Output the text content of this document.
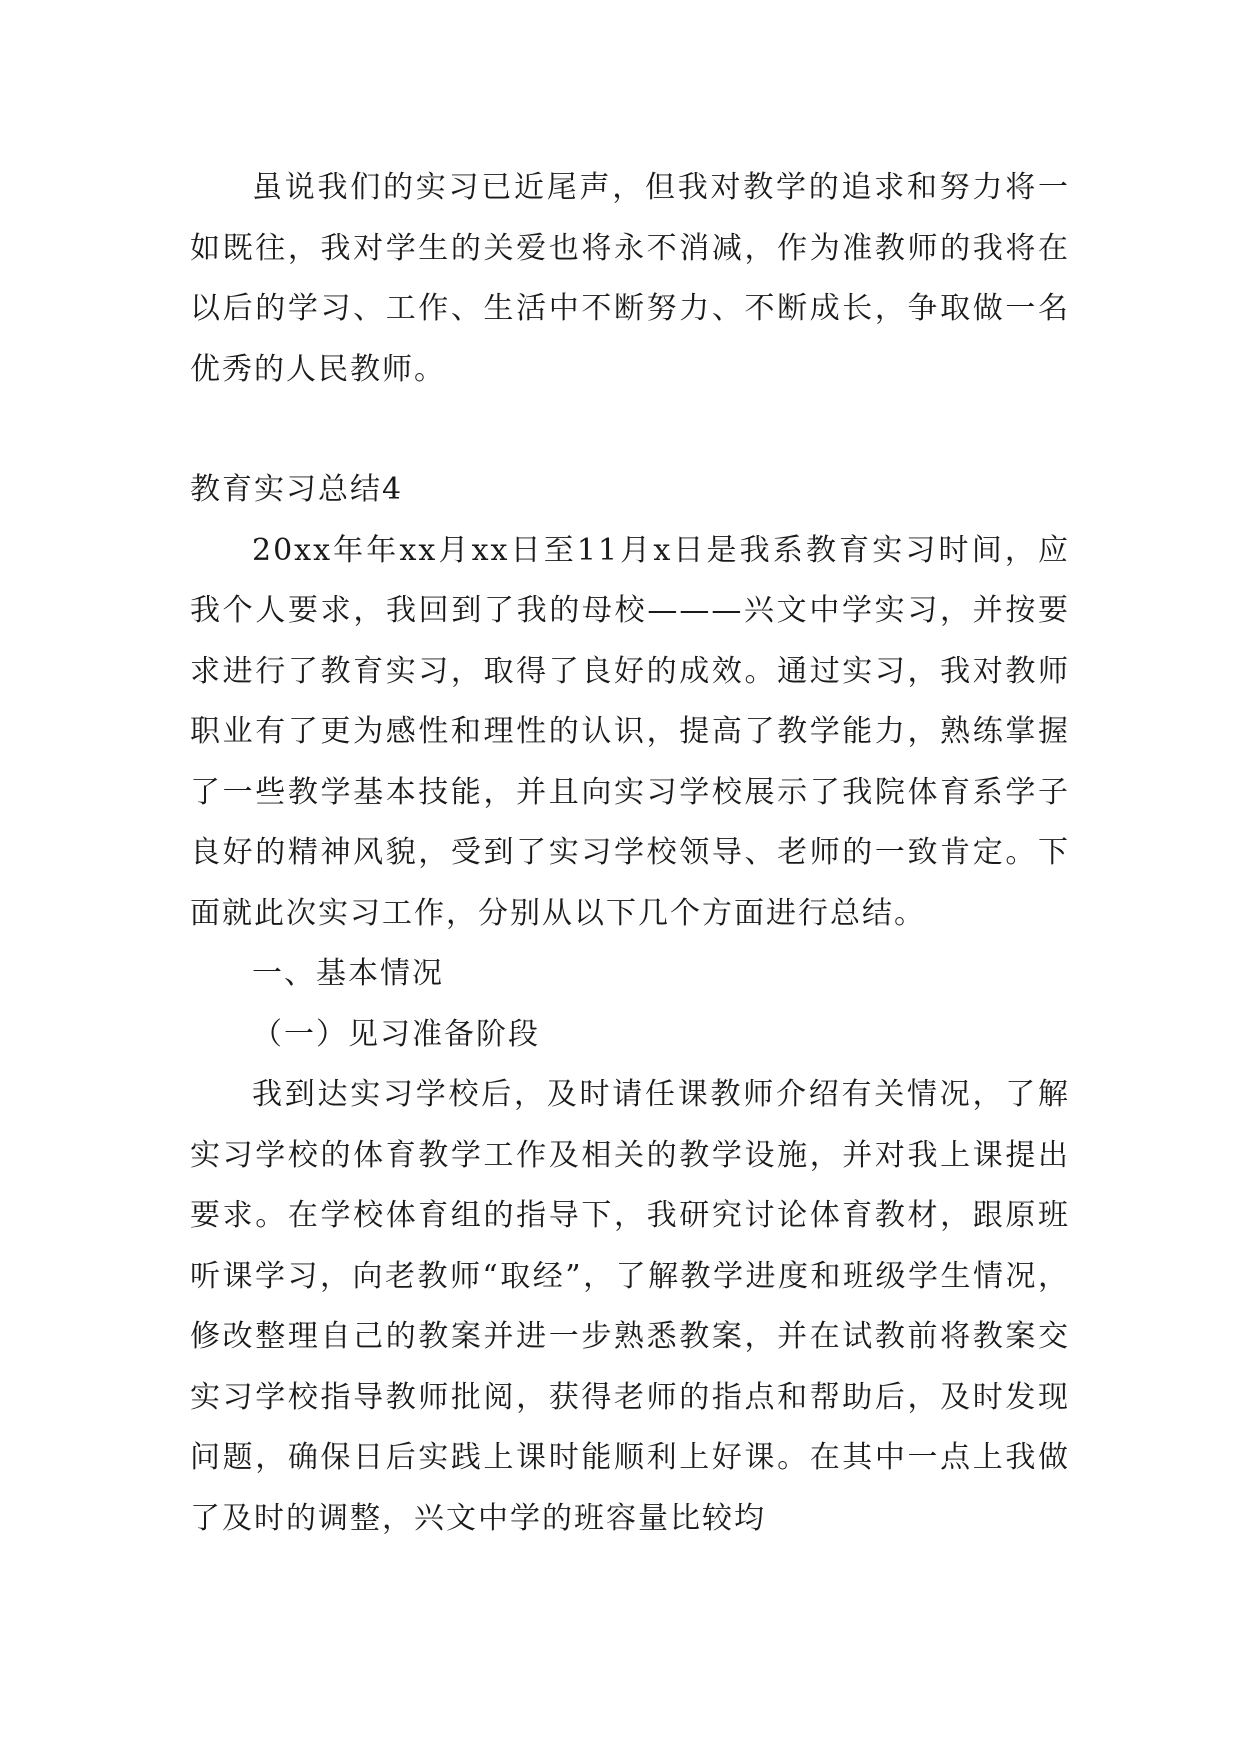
虽说我们的实习已近尾声，但我对教学的追求和努力将一如既往，我对学生的关爱也将永不消减，作为准教师的我将在以后的学习、工作、生活中不断努力、不断成长，争取做一名优秀的人民教师。

教育实习总结4

20xx年年xx月xx日至11月x日是我系教育实习时间，应我个人要求，我回到了我的母校———兴文中学实习，并按要求进行了教育实习，取得了良好的成效。通过实习，我对教师职业有了更为感性和理性的认识，提高了教学能力，熟练掌握了一些教学基本技能，并且向实习学校展示了我院体育系学子良好的精神风貌，受到了实习学校领导、老师的一致肯定。下面就此次实习工作，分别从以下几个方面进行总结。

一、基本情况

（一）见习准备阶段

我到达实习学校后，及时请任课教师介绍有关情况，了解实习学校的体育教学工作及相关的教学设施，并对我上课提出要求。在学校体育组的指导下，我研究讨论体育教材，跟原班听课学习，向老教师“取经”，了解教学进度和班级学生情况，修改整理自己的教案并进一步熟悉教案，并在试教前将教案交实习学校指导教师批阅，获得老师的指点和帮助后，及时发现问题，确保日后实践上课时能顺利上好课。在其中一点上我做了及时的调整，兴文中学的班容量比较均
